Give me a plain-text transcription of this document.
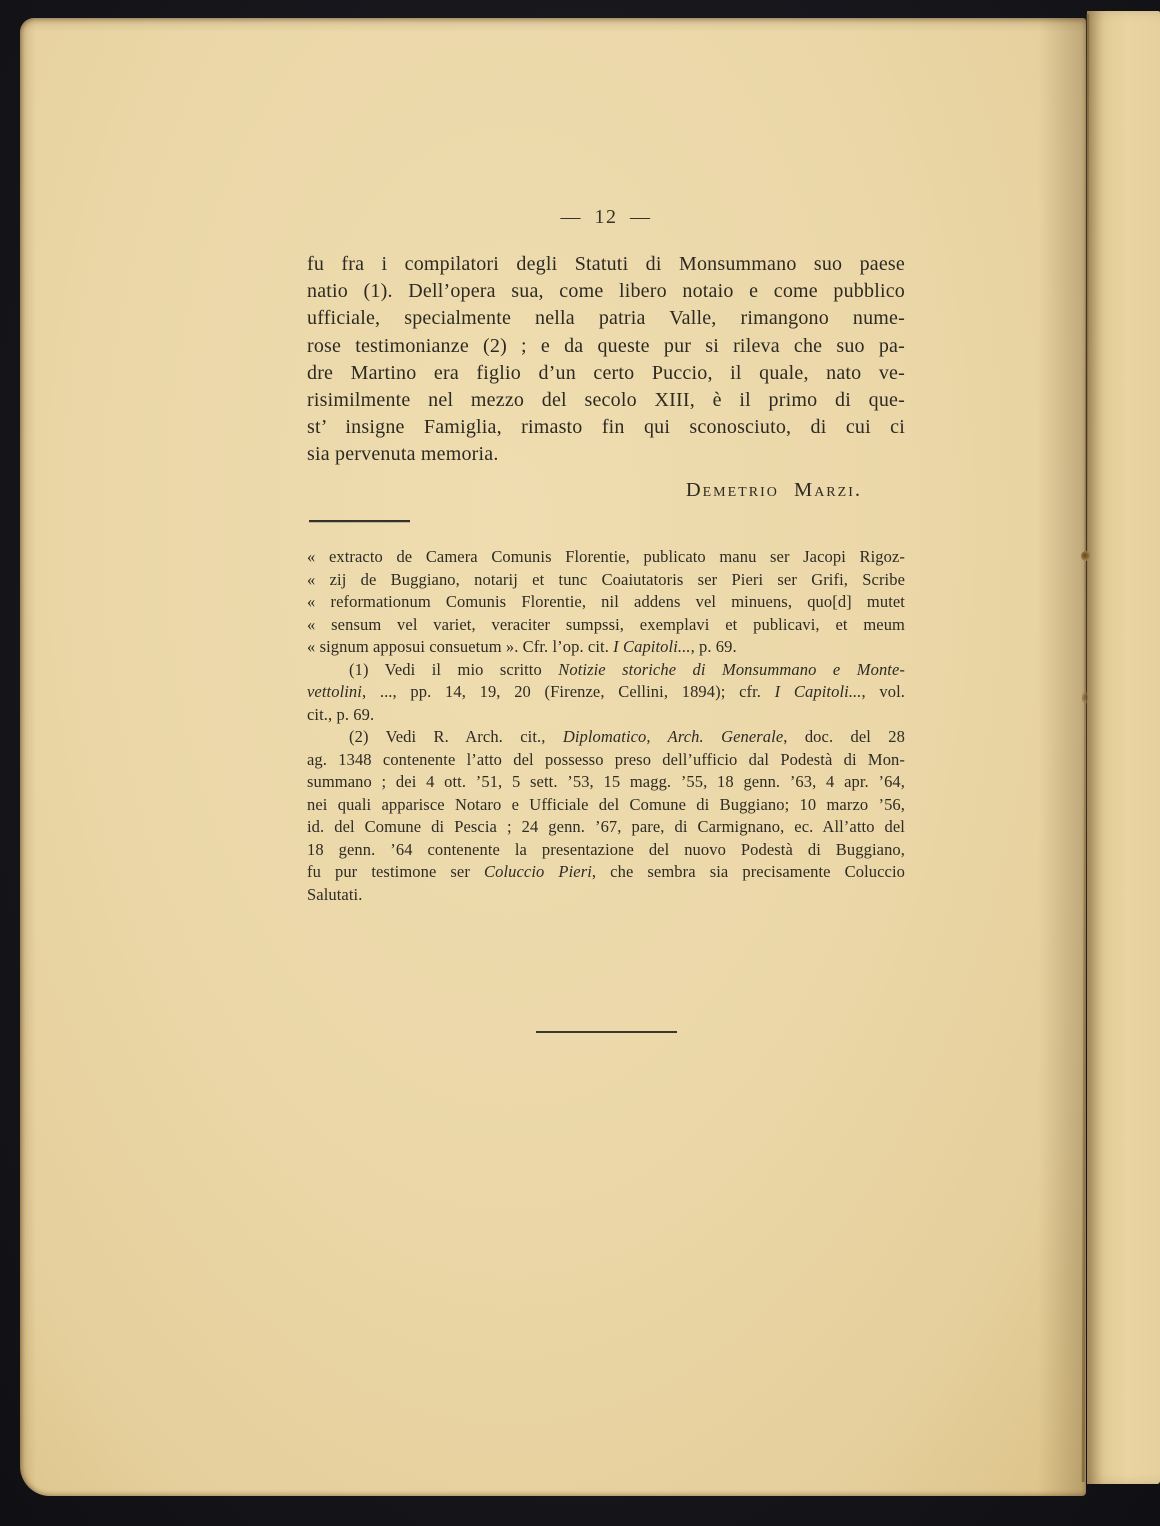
— 12 —
fu fra i compilatori degli Statuti di Monsummano suo paese
natio (1). Dell’opera sua, come libero notaio e come pubblico
ufficiale, specialmente nella patria Valle, rimangono nume-
rose testimonianze (2) ; e da queste pur si rileva che suo pa-
dre Martino era figlio d’un certo Puccio, il quale, nato ve-
risimilmente nel mezzo del secolo XIII, è il primo di que-
st’ insigne Famiglia, rimasto fin qui sconosciuto, di cui ci
sia pervenuta memoria.
Demetrio Marzi.
« extracto de Camera Comunis Florentie, publicato manu ser Jacopi Rigoz-
« zij de Buggiano, notarij et tunc Coaiutatoris ser Pieri ser Grifi, Scribe
« reformationum Comunis Florentie, nil addens vel minuens, quo[d] mutet
« sensum vel variet, veraciter sumpssi, exemplavi et publicavi, et meum
« signum apposui consuetum ». Cfr. l’op. cit. I Capitoli..., p. 69.
(1) Vedi il mio scritto Notizie storiche di Monsummano e Monte-
vettolini, ..., pp. 14, 19, 20 (Firenze, Cellini, 1894); cfr. I Capitoli..., vol.
cit., p. 69.
(2) Vedi R. Arch. cit., Diplomatico, Arch. Generale, doc. del 28
ag. 1348 contenente l’atto del possesso preso dell’ufficio dal Podestà di Mon-
summano ; dei 4 ott. ’51, 5 sett. ’53, 15 magg. ’55, 18 genn. ’63, 4 apr. ’64,
nei quali apparisce Notaro e Ufficiale del Comune di Buggiano; 10 marzo ’56,
id. del Comune di Pescia ; 24 genn. ’67, pare, di Carmignano, ec. All’atto del
18 genn. ’64 contenente la presentazione del nuovo Podestà di Buggiano,
fu pur testimone ser Coluccio Pieri, che sembra sia precisamente Coluccio
Salutati.
